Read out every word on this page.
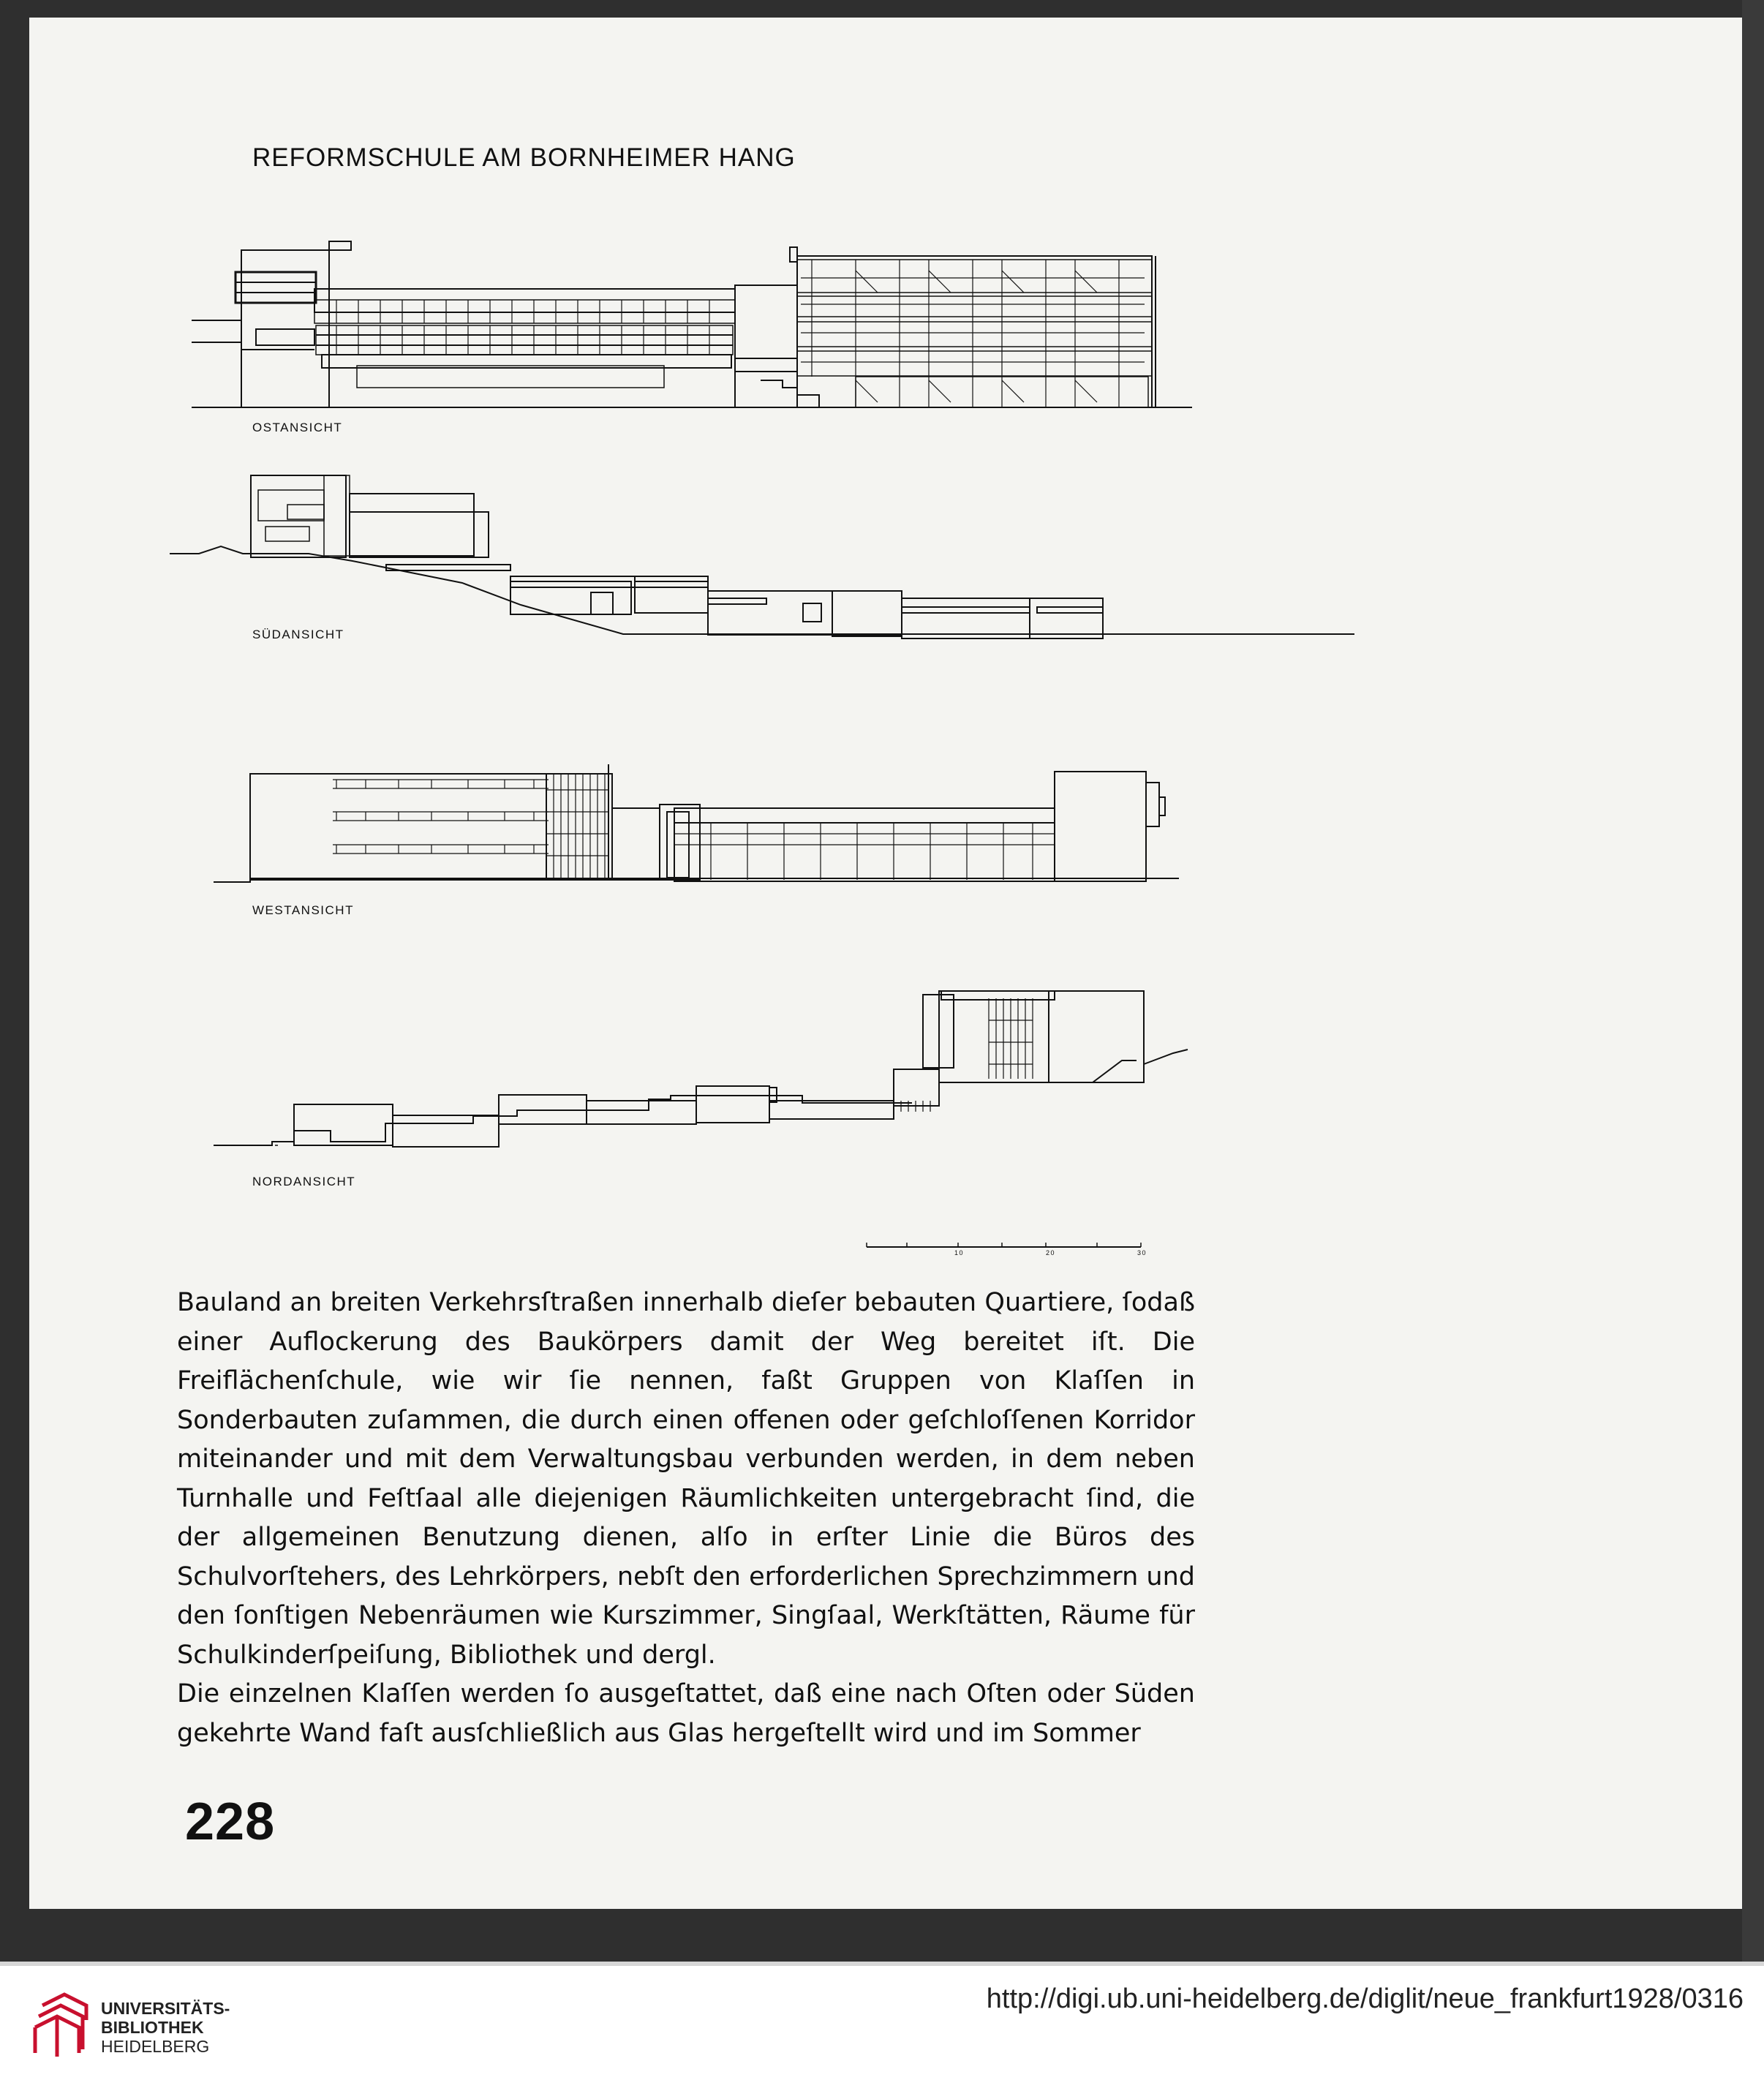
REFORMSCHULE AM BORNHEIMER HANG
OSTANSICHT
SÜDANSICHT
WESTANSICHT
NORDANSICHT
10	20	30

Bauland an breiten Verkehrsſtraßen innerhalb dieſer bebauten Quartiere, ſodaß einer Auflockerung des Baukörpers damit der Weg bereitet iſt. Die Freiflächenſchule, wie wir ſie nennen, faßt Gruppen von Klaſſen in Sonderbauten zuſammen, die durch einen offenen oder geſchloſſenen Korridor miteinander und mit dem Verwaltungsbau verbunden werden, in dem neben Turnhalle und Feſtſaal alle diejenigen Räumlichkeiten untergebracht ſind, die der allgemeinen Benutzung dienen, alſo in erſter Linie die Büros des Schulvorſtehers, des Lehrkörpers, nebſt den erforderlichen Sprechzimmern und den ſonſtigen Nebenräumen wie Kurszimmer, Singſaal, Werkſtätten, Räume für Schulkinderſpeiſung, Bibliothek und dergl.

Die einzelnen Klaſſen werden ſo ausgeſtattet, daß eine nach Oſten oder Süden gekehrte Wand faſt ausſchließlich aus Glas hergeſtellt wird und im Sommer

228
UNIVERSITÄTS-
BIBLIOTHEK
HEIDELBERG
http://digi.ub.uni-heidelberg.de/diglit/neue_frankfurt1928/0316
